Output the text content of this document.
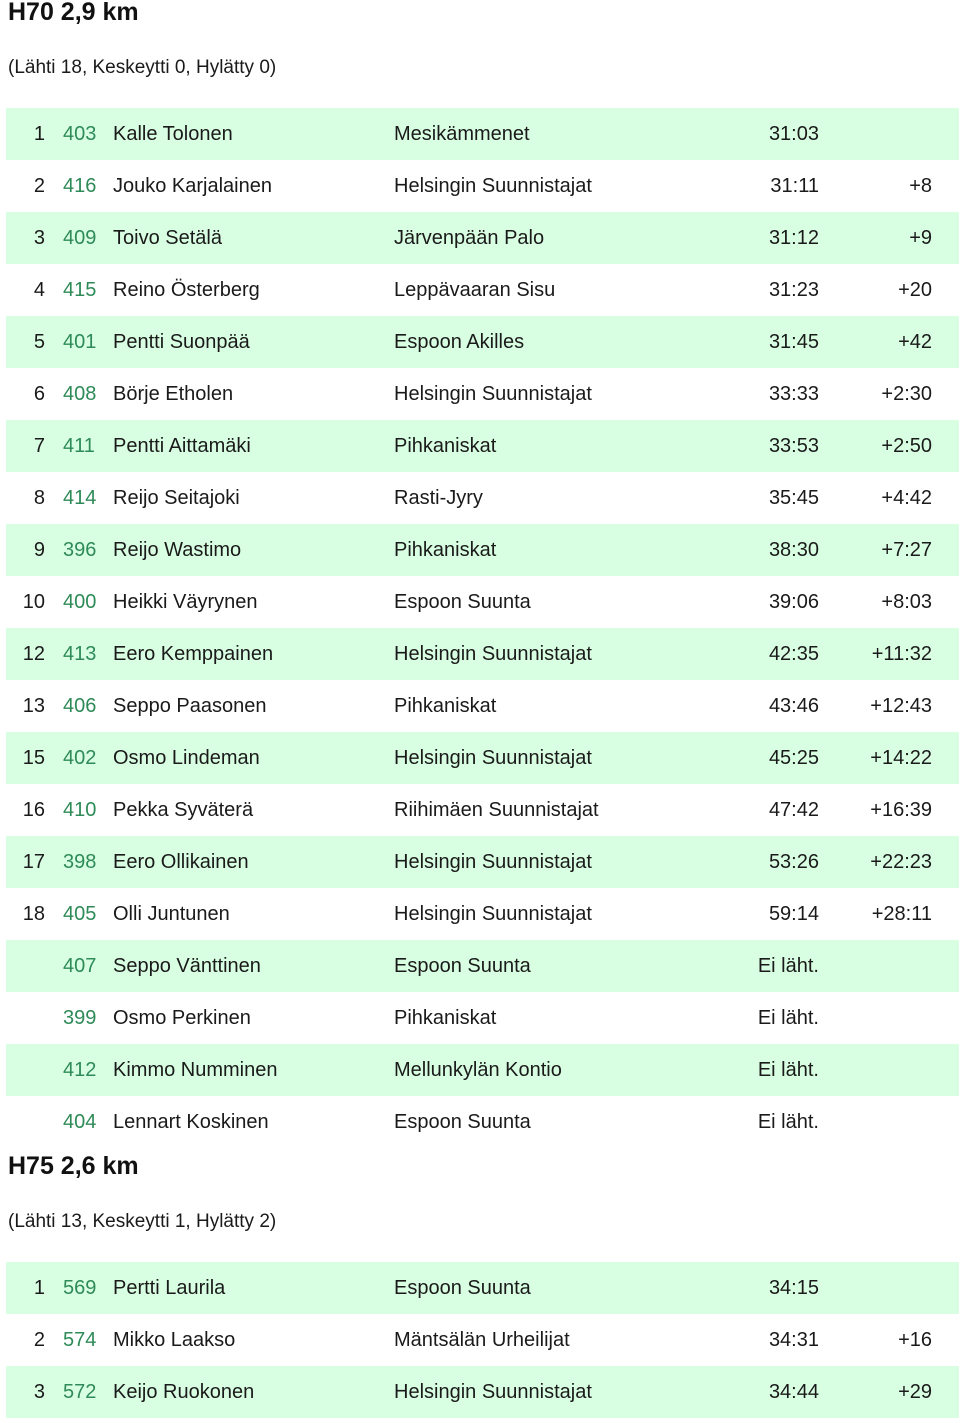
H70 2,9 km

(Lähti 18, Keskeytti 0, Hylätty 0)

1 403 Kalle Tolonen	Mesikämmenet	31:03
2 416 Jouko Karjalainen	Helsingin Suunnistajat	31:11	+8
3 409 Toivo Setälä	Järvenpään Palo	31:12	+9
4 415 Reino Österberg	Leppävaaran Sisu	31:23	+20
5 401 Pentti Suonpää	Espoon Akilles	31:45	+42
6 408 Börje Etholen	Helsingin Suunnistajat	33:33	+2:30
7 411 Pentti Aittamäki	Pihkaniskat	33:53	+2:50
8 414 Reijo Seitajoki	Rasti-Jyry	35:45	+4:42
9 396 Reijo Wastimo	Pihkaniskat	38:30	+7:27
10 400 Heikki Väyrynen	Espoon Suunta	39:06	+8:03
12 413 Eero Kemppainen	Helsingin Suunnistajat	42:35	+11:32
13 406 Seppo Paasonen	Pihkaniskat	43:46	+12:43
15 402 Osmo Lindeman	Helsingin Suunnistajat	45:25	+14:22
16 410 Pekka Syväterä	Riihimäen Suunnistajat	47:42	+16:39
17 398 Eero Ollikainen	Helsingin Suunnistajat	53:26	+22:23
18 405 Olli Juntunen	Helsingin Suunnistajat	59:14	+28:11
407 Seppo Vänttinen	Espoon Suunta	Ei läht.
399 Osmo Perkinen	Pihkaniskat	Ei läht.
412 Kimmo Numminen	Mellunkylän Kontio	Ei läht.
404 Lennart Koskinen	Espoon Suunta	Ei läht.
H75 2,6 km

(Lähti 13, Keskeytti 1, Hylätty 2)

1 569 Pertti Laurila	Espoon Suunta	34:15
2 574 Mikko Laakso	Mäntsälän Urheilijat	34:31	+16
3 572 Keijo Ruokonen	Helsingin Suunnistajat	34:44	+29
